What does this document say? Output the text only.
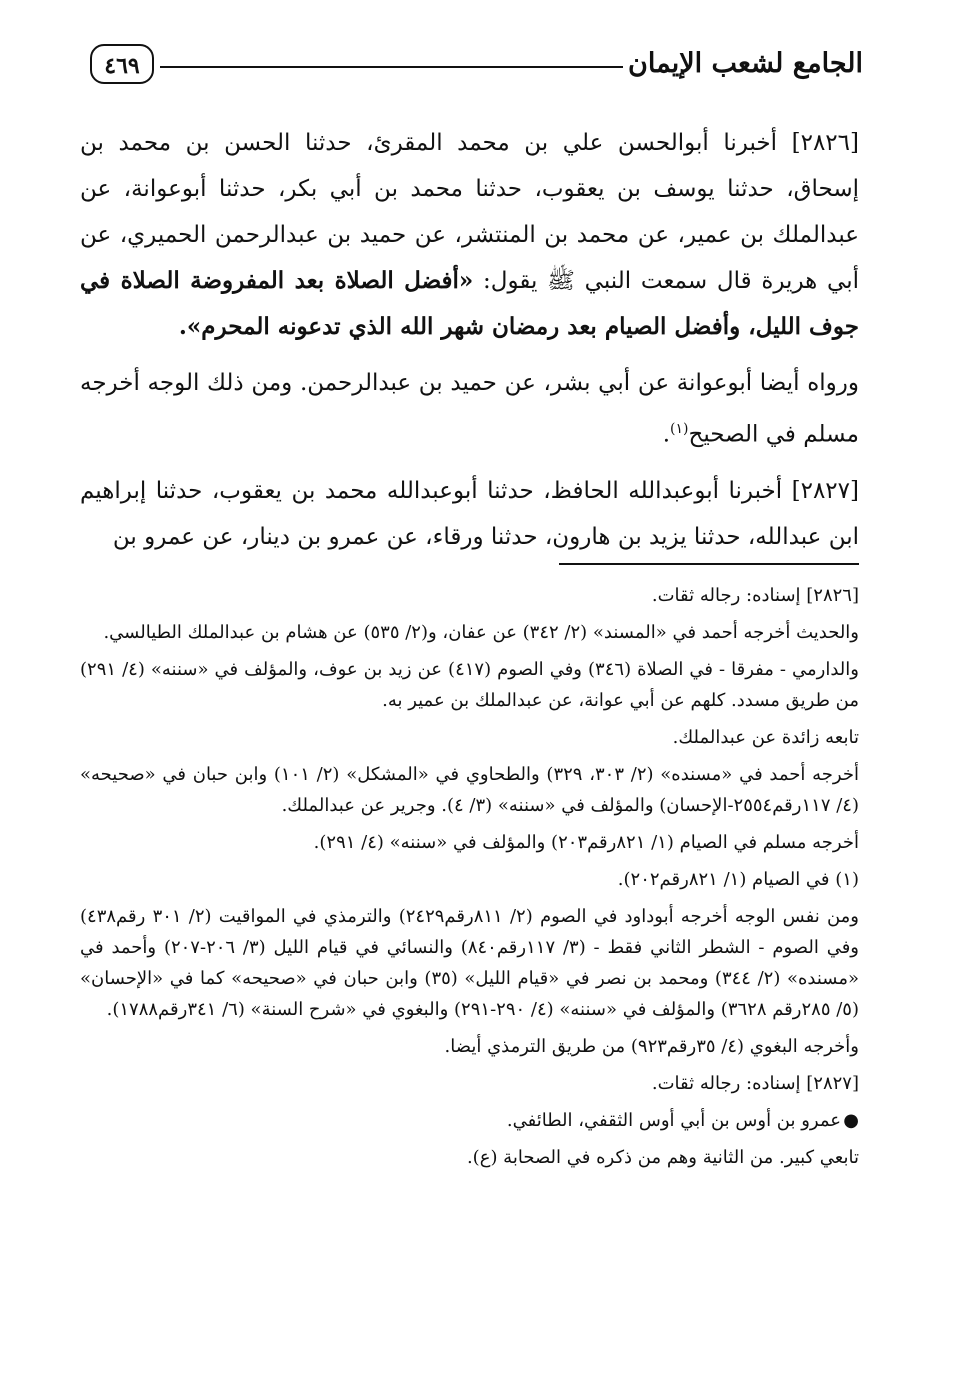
الجامع لشعب الإيمان
٤٦٩

[٢٨٢٦] أخبرنا أبوالحسن علي بن محمد المقرئ، حدثنا الحسن بن محمد بن إسحاق، حدثنا يوسف بن يعقوب، حدثنا محمد بن أبي بكر، حدثنا أبوعوانة، عن عبدالملك بن عمير، عن محمد بن المنتشر، عن حميد بن عبدالرحمن الحميري، عن أبي هريرة قال سمعت النبي ﷺ يقول: «أفضل الصلاة بعد المفروضة الصلاة في جوف الليل، وأفضل الصيام بعد رمضان شهر الله الذي تدعونه المحرم».

ورواه أيضا أبوعوانة عن أبي بشر، عن حميد بن عبدالرحمن. ومن ذلك الوجه أخرجه مسلم في الصحيح$^{(١)}$.

[٢٨٢٧] أخبرنا أبوعبدالله الحافظ، حدثنا أبوعبدالله محمد بن يعقوب، حدثنا إبراهيم ابن عبدالله، حدثنا يزيد بن هارون، حدثنا ورقاء، عن عمرو بن دينار، عن عمرو بن

[٢٨٢٦] إسناده: رجاله ثقات.
والحديث أخرجه أحمد في «المسند» (٢/ ٣٤٢) عن عفان، و(٢/ ٥٣٥) عن هشام بن عبدالملك الطيالسي.
والدارمي - مفرقا - في الصلاة (٣٤٦) وفي الصوم (٤١٧) عن زيد بن عوف، والمؤلف في «سننه» (٤/ ٢٩١) من طريق مسدد. كلهم عن أبي عوانة، عن عبدالملك بن عمير به.
تابعه زائدة عن عبدالملك.
أخرجه أحمد في «مسنده» (٢/ ٣٠٣، ٣٢٩) والطحاوي في «المشكل» (٢/ ١٠١) وابن حبان في «صحيحه» (٤/ ١١٧رقم٢٥٥٤-الإحسان) والمؤلف في «سننه» (٣/ ٤). وجرير عن عبدالملك.
أخرجه مسلم في الصيام (١/ ٨٢١رقم٢٠٣) والمؤلف في «سننه» (٤/ ٢٩١).
(١) في الصيام (١/ ٨٢١رقم٢٠٢).
ومن نفس الوجه أخرجه أبوداود في الصوم (٢/ ٨١١رقم٢٤٢٩) والترمذي في المواقيت (٢/ ٣٠١ رقم٤٣٨) وفي الصوم - الشطر الثاني فقط - (٣/ ١١٧رقم٨٤٠) والنسائي في قيام الليل (٣/ ٢٠٦-٢٠٧) وأحمد في «مسنده» (٢/ ٣٤٤) ومحمد بن نصر في «قيام الليل» (٣٥) وابن حبان في «صحيحه» كما في «الإحسان» (٥/ ٢٨٥رقم ٣٦٢٨) والمؤلف في «سننه» (٤/ ٢٩٠-٢٩١) والبغوي في «شرح السنة» (٦/ ٣٤١رقم١٧٨٨).
وأخرجه البغوي (٤/ ٣٥رقم٩٢٣) من طريق الترمذي أيضا.
[٢٨٢٧] إسناده: رجاله ثقات.
●عمرو بن أوس بن أبي أوس الثقفي، الطائفي.
تابعي كبير. من الثانية وهم من ذكره في الصحابة (ع).
